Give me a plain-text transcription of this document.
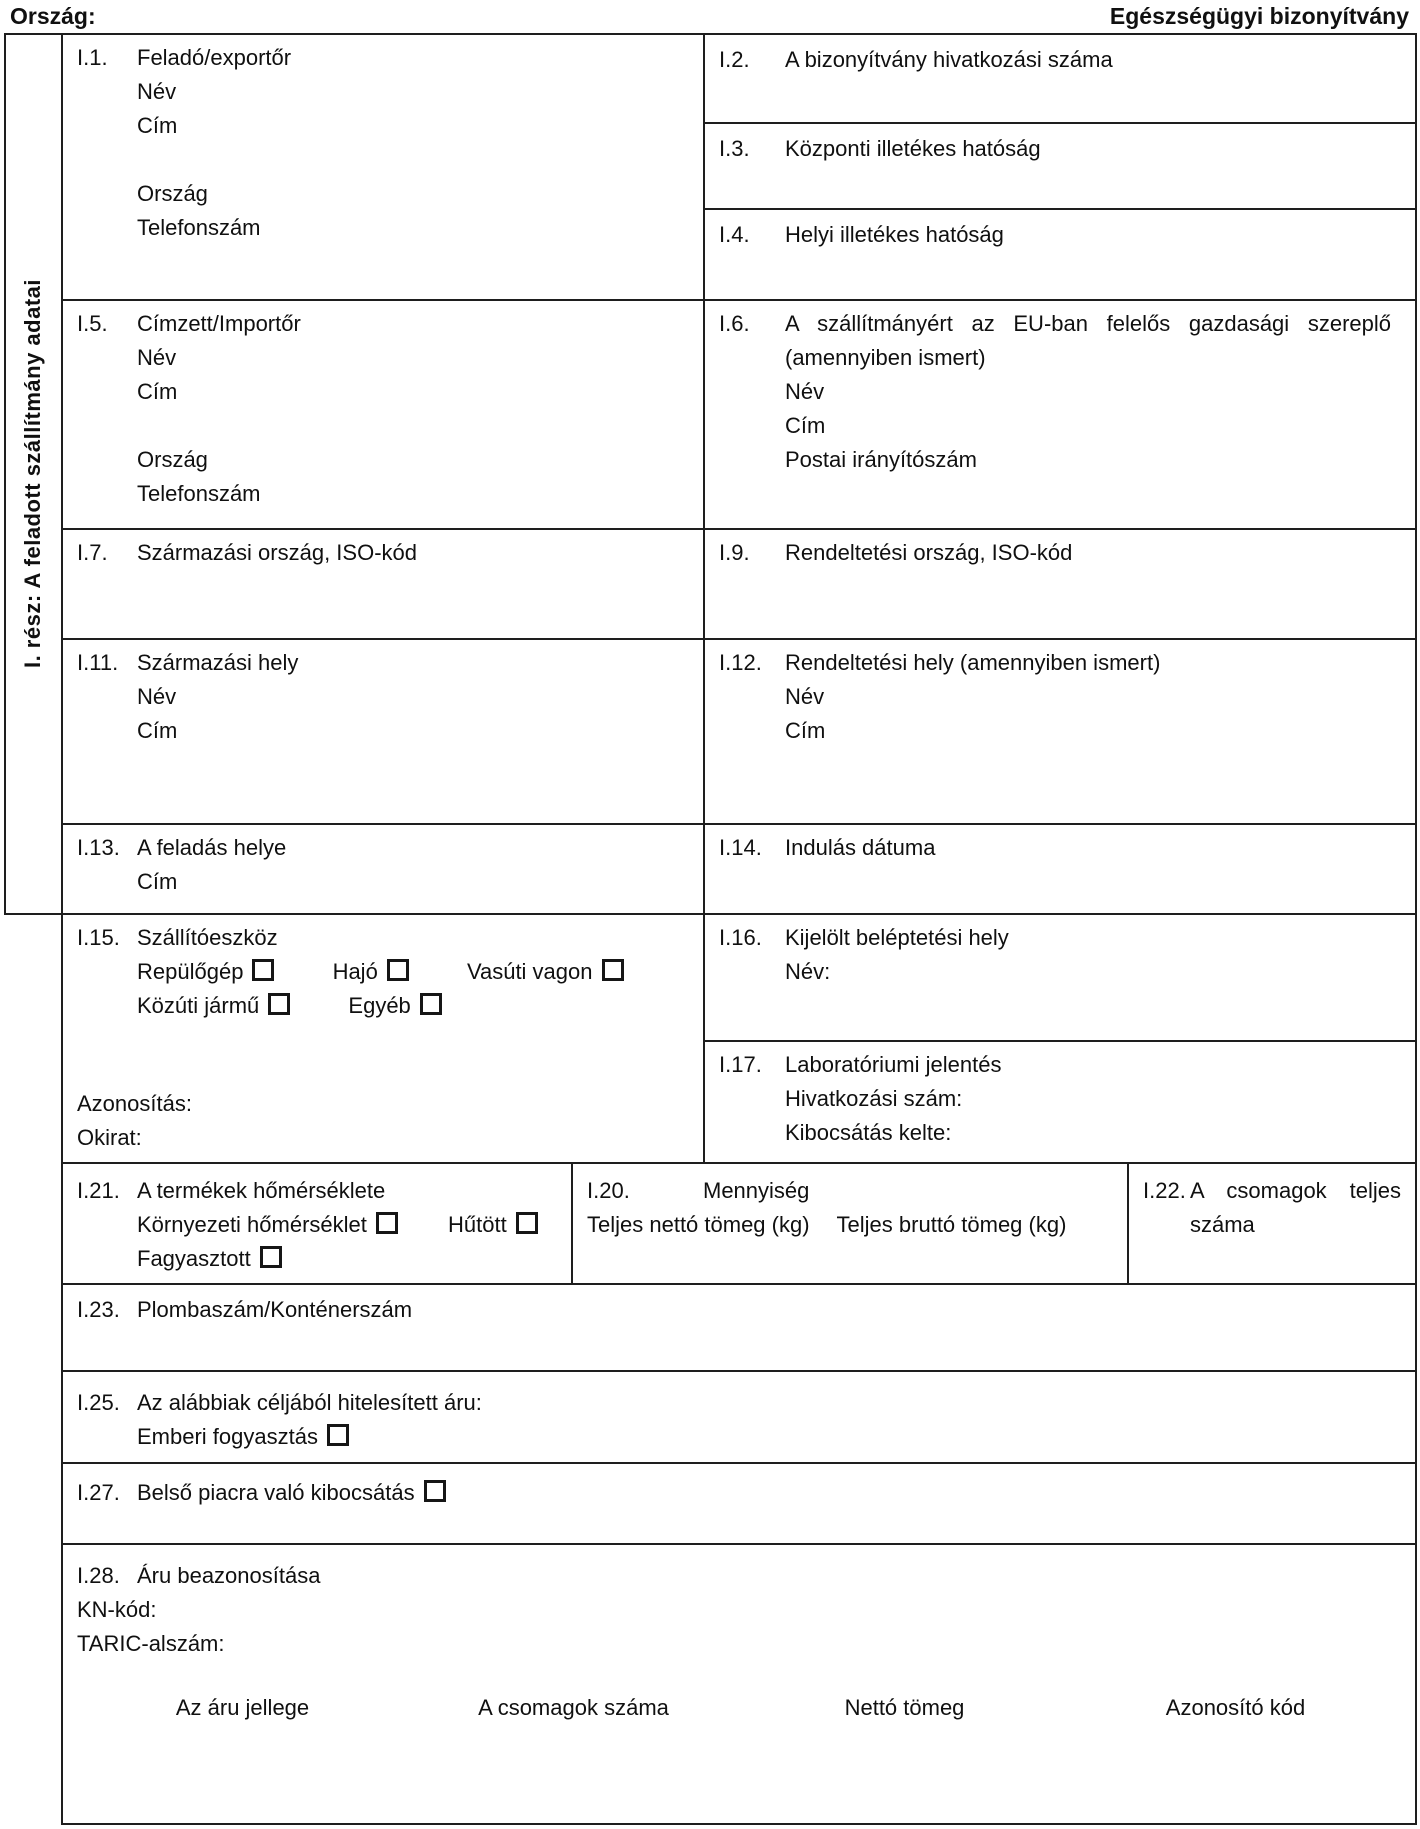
Ország:	Egészségügyi bizonyítvány
I. rész: A feladott szállítmány adatai
I.1.	Feladó/exportőr
Név
Cím
Ország
Telefonszám
I.2.	A bizonyítvány hivatkozási száma
I.3.	Központi illetékes hatóság
I.4.	Helyi illetékes hatóság
I.5.	Címzett/Importőr
Név
Cím
Ország
Telefonszám
I.6.	A szállítmányért az EU-ban felelős gazdasági szereplő (amennyiben ismert)
Név
Cím
Postai irányítószám
I.7.	Származási ország, ISO-kód	I.9.	Rendeltetési ország, ISO-kód
I.11. Származási hely
Név
Cím
I.12.	Rendeltetési hely (amennyiben ismert)
Név
Cím
I.13. A feladás helye
Cím
I.14.	Indulás dátuma
I.15. Szállítóeszköz
Repülőgép	Hajó	Vasúti vagon
Közúti jármű	Egyéb
Azonosítás:
Okirat:
I.16.	Kijelölt beléptetési hely
Név:
I.17.	Laboratóriumi jelentés
Hivatkozási szám:
Kibocsátás kelte:
I.21. A termékek hőmérséklete
Környezeti hőmérséklet	Hűtött
Fagyasztott
I.20.	Mennyiség
Teljes nettó tömeg (kg) Teljes bruttó tömeg (kg)
I.22. A csomagok teljes száma
I.23. Plombaszám/Konténerszám
I.25. Az alábbiak céljából hitelesített áru:
Emberi fogyasztás
I.27. Belső piacra való kibocsátás
I.28. Áru beazonosítása
KN-kód:
TARIC-alszám:
Az áru jellege	A csomagok száma	Nettó tömeg	Azonosító kód
